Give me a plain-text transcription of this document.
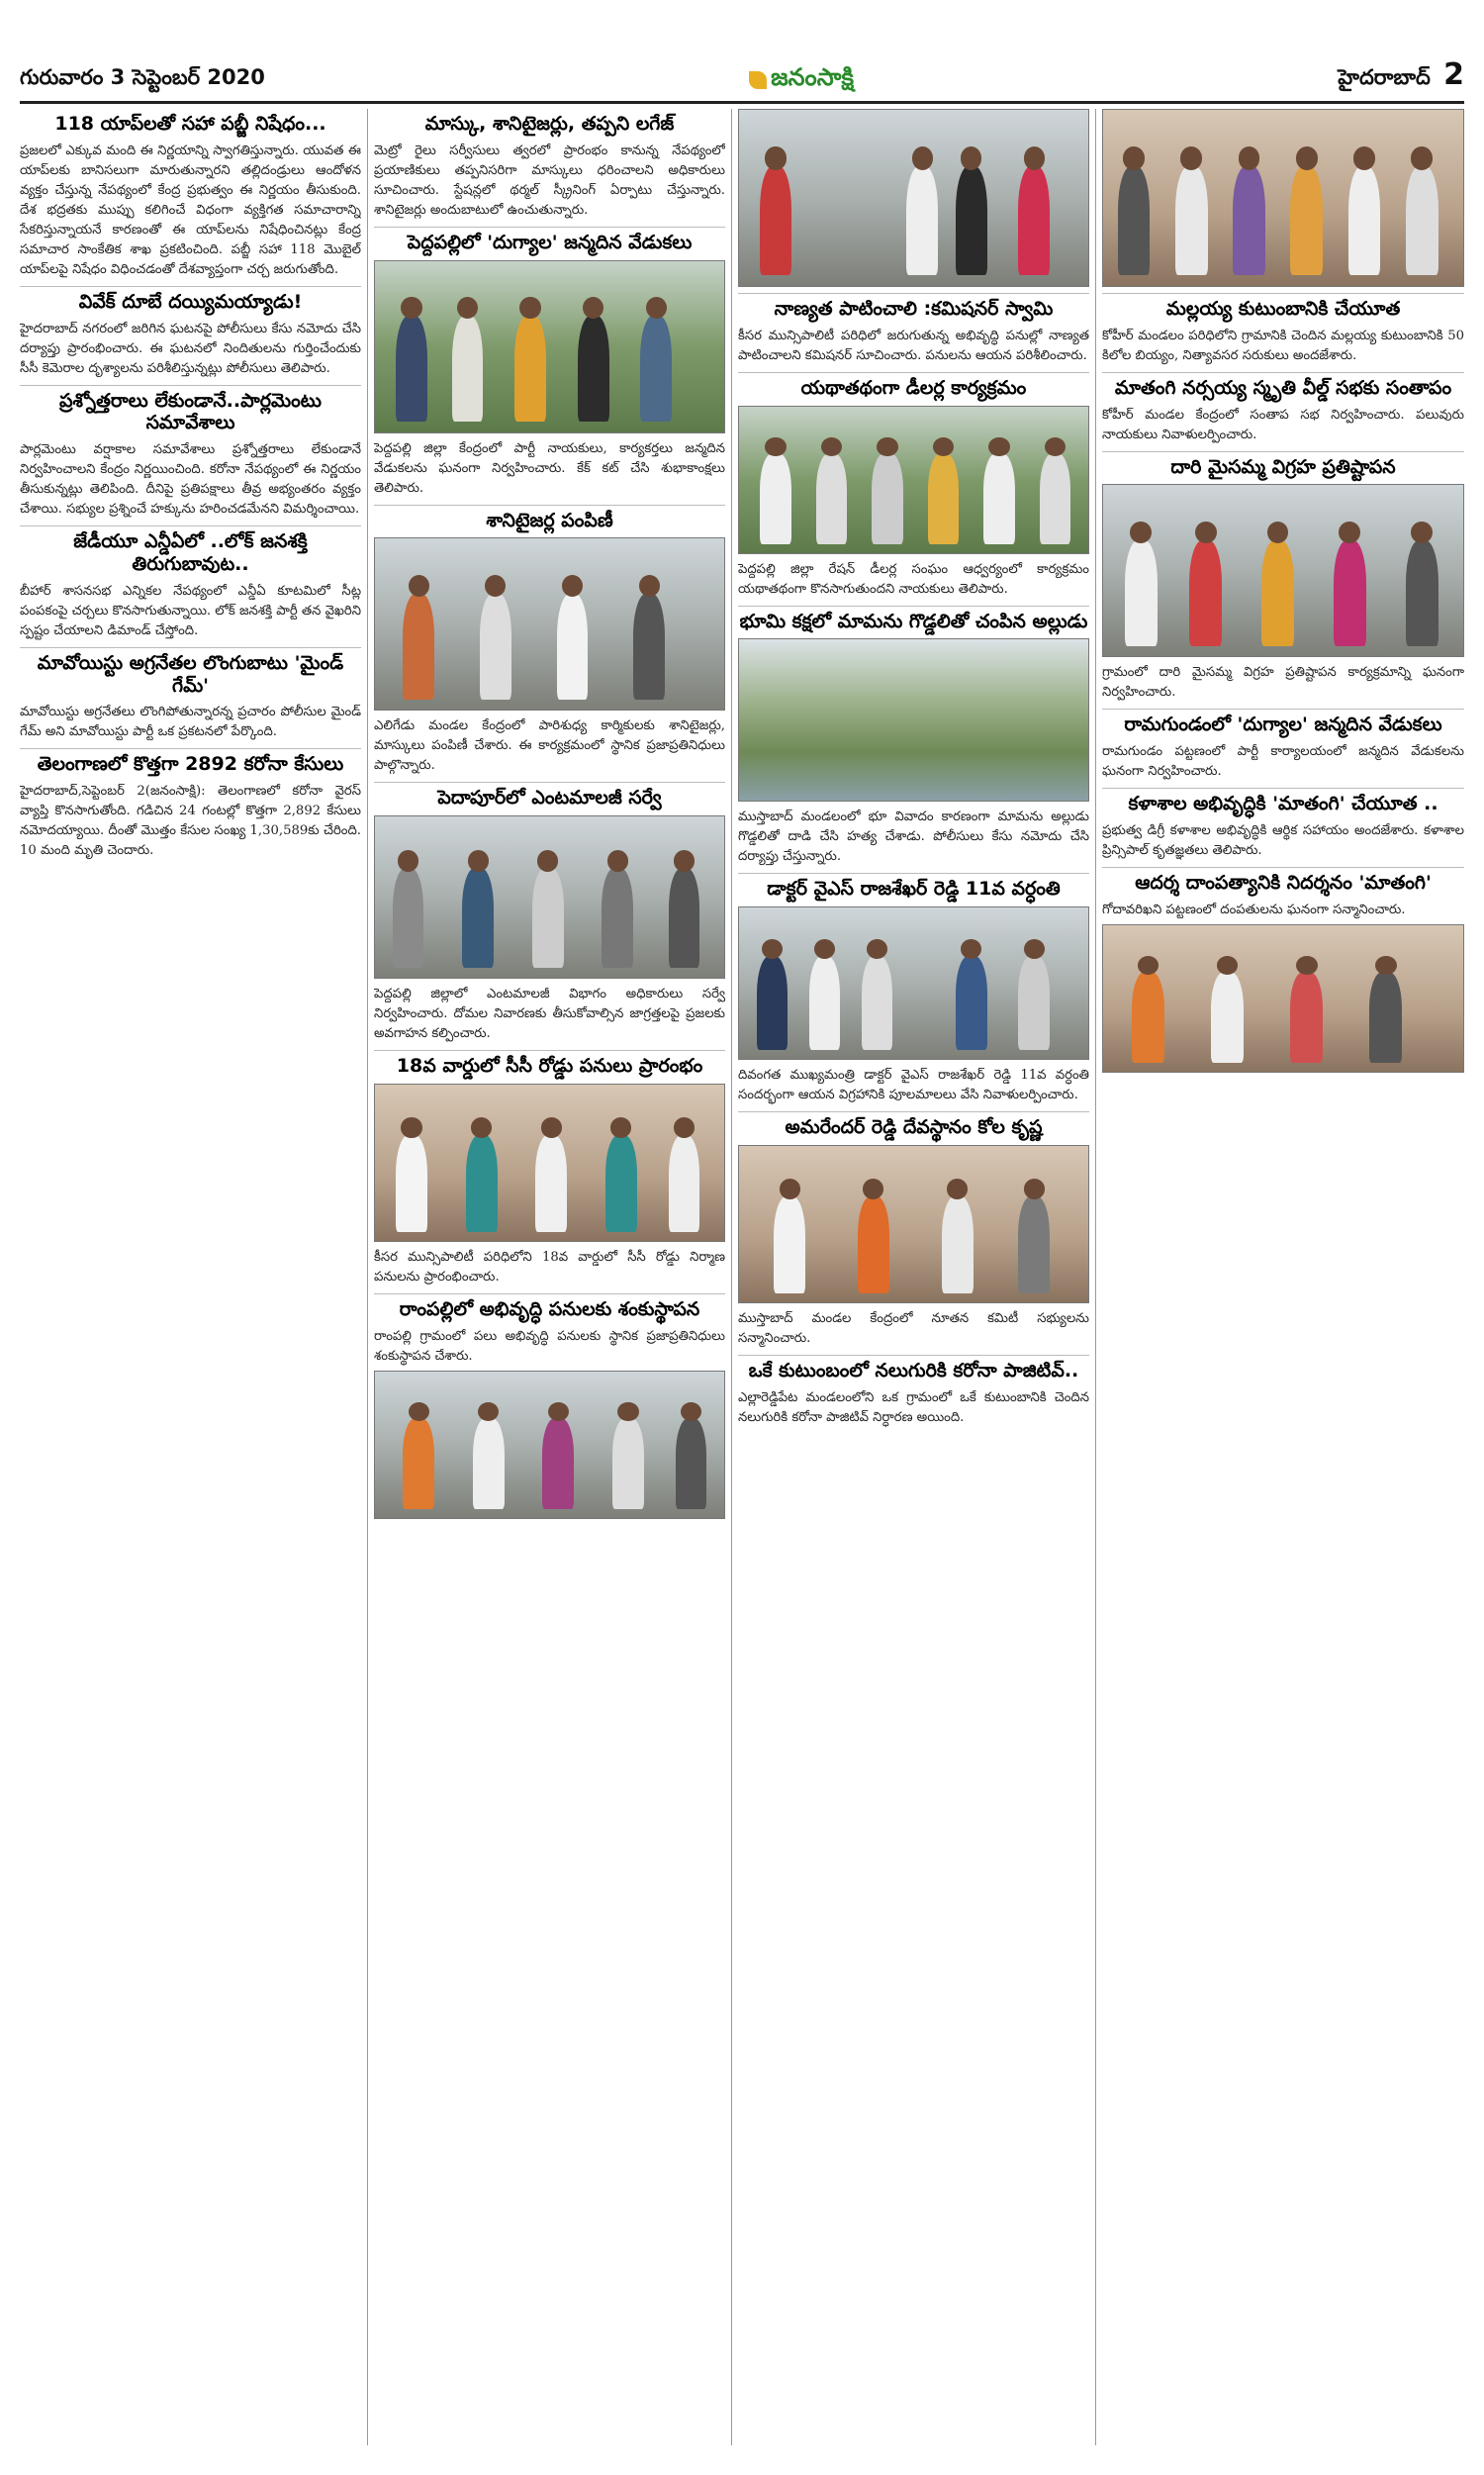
గురువారం 3 సెప్టెంబర్ 2020	జనంసాక్షి	హైదరాబాద్ 2
118 యాప్‌లతో సహా పబ్జీ నిషేధం...
ప్రజలలో ఎక్కువ మంది ఈ నిర్ణయాన్ని స్వాగతిస్తున్నారు. యువత ఈ యాప్‌లకు బానిసలుగా మారుతున్నారని తల్లిదండ్రులు ఆందోళన వ్యక్తం చేస్తున్న నేపథ్యంలో కేంద్ర ప్రభుత్వం ఈ నిర్ణయం తీసుకుంది. దేశ భద్రతకు ముప్పు కలిగించే విధంగా వ్యక్తిగత సమాచారాన్ని సేకరిస్తున్నాయనే కారణంతో ఈ యాప్‌లను నిషేధించినట్లు కేంద్ర సమాచార సాంకేతిక శాఖ ప్రకటించింది. పబ్జీ సహా 118 మొబైల్ యాప్‌లపై నిషేధం విధించడంతో దేశవ్యాప్తంగా చర్చ జరుగుతోంది.
వివేక్ దూబే దయ్యిమయ్యాడు!
హైదరాబాద్ నగరంలో జరిగిన ఘటనపై పోలీసులు కేసు నమోదు చేసి దర్యాప్తు ప్రారంభించారు. ఈ ఘటనలో నిందితులను గుర్తించేందుకు సీసీ కెమెరాల దృశ్యాలను పరిశీలిస్తున్నట్లు పోలీసులు తెలిపారు.
ప్రశ్నోత్తరాలు లేకుండానే..పార్లమెంటు సమావేశాలు
పార్లమెంటు వర్షాకాల సమావేశాలు ప్రశ్నోత్తరాలు లేకుండానే నిర్వహించాలని కేంద్రం నిర్ణయించింది. కరోనా నేపథ్యంలో ఈ నిర్ణయం తీసుకున్నట్లు తెలిపింది. దీనిపై ప్రతిపక్షాలు తీవ్ర అభ్యంతరం వ్యక్తం చేశాయి. సభ్యుల ప్రశ్నించే హక్కును హరించడమేనని విమర్శించాయి.
జేడీయూ ఎన్డీఏలో ..లోక్ జనశక్తి తిరుగుబావుట..
బీహార్ శాసనసభ ఎన్నికల నేపథ్యంలో ఎన్డీఏ కూటమిలో సీట్ల పంపకంపై చర్చలు కొనసాగుతున్నాయి. లోక్ జనశక్తి పార్టీ తన వైఖరిని స్పష్టం చేయాలని డిమాండ్ చేస్తోంది.
మావోయిస్టు అగ్రనేతల లొంగుబాటు 'మైండ్ గేమ్'
మావోయిస్టు అగ్రనేతలు లొంగిపోతున్నారన్న ప్రచారం పోలీసుల మైండ్ గేమ్ అని మావోయిస్టు పార్టీ ఒక ప్రకటనలో పేర్కొంది.
తెలంగాణలో కొత్తగా 2892 కరోనా కేసులు
హైదరాబాద్,సెప్టెంబర్ 2(జనంసాక్షి): తెలంగాణలో కరోనా వైరస్ వ్యాప్తి కొనసాగుతోంది. గడిచిన 24 గంటల్లో కొత్తగా 2,892 కేసులు నమోదయ్యాయి. దీంతో మొత్తం కేసుల సంఖ్య 1,30,589కు చేరింది. 10 మంది మృతి చెందారు.
మాస్కు, శానిటైజర్లు, తప్పని లగేజ్
మెట్రో రైలు సర్వీసులు త్వరలో ప్రారంభం కానున్న నేపథ్యంలో ప్రయాణికులు తప్పనిసరిగా మాస్కులు ధరించాలని అధికారులు సూచించారు. స్టేషన్లలో థర్మల్ స్క్రీనింగ్ ఏర్పాటు చేస్తున్నారు. శానిటైజర్లు అందుబాటులో ఉంచుతున్నారు.
పెద్దపల్లిలో 'దుగ్యాల' జన్మదిన వేడుకలు
పెద్దపల్లి జిల్లా కేంద్రంలో పార్టీ నాయకులు, కార్యకర్తలు జన్మదిన వేడుకలను ఘనంగా నిర్వహించారు. కేక్ కట్ చేసి శుభాకాంక్షలు తెలిపారు.
శానిటైజర్ల పంపిణీ
ఎలిగేడు మండల కేంద్రంలో పారిశుధ్య కార్మికులకు శానిటైజర్లు, మాస్కులు పంపిణీ చేశారు. ఈ కార్యక్రమంలో స్థానిక ప్రజాప్రతినిధులు పాల్గొన్నారు.
పెదాపూర్‌లో ఎంటమాలజీ సర్వే
పెద్దపల్లి జిల్లాలో ఎంటమాలజీ విభాగం అధికారులు సర్వే నిర్వహించారు. దోమల నివారణకు తీసుకోవాల్సిన జాగ్రత్తలపై ప్రజలకు అవగాహన కల్పించారు.
18వ వార్డులో సీసీ రోడ్డు పనులు ప్రారంభం
కీసర మున్సిపాలిటీ పరిధిలోని 18వ వార్డులో సీసీ రోడ్డు నిర్మాణ పనులను ప్రారంభించారు.
రాంపల్లిలో అభివృద్ధి పనులకు శంకుస్థాపన
రాంపల్లి గ్రామంలో పలు అభివృద్ధి పనులకు స్థానిక ప్రజాప్రతినిధులు శంకుస్థాపన చేశారు.
నాణ్యత పాటించాలి :కమిషనర్ స్వామి
కీసర మున్సిపాలిటీ పరిధిలో జరుగుతున్న అభివృద్ధి పనుల్లో నాణ్యత పాటించాలని కమిషనర్ సూచించారు. పనులను ఆయన పరిశీలించారు.
యథాతథంగా డీలర్ల కార్యక్రమం
పెద్దపల్లి జిల్లా రేషన్ డీలర్ల సంఘం ఆధ్వర్యంలో కార్యక్రమం యథాతథంగా కొనసాగుతుందని నాయకులు తెలిపారు.
భూమి కక్షలో మామను గొడ్డలితో చంపిన అల్లుడు
ముస్తాబాద్ మండలంలో భూ వివాదం కారణంగా మామను అల్లుడు గొడ్డలితో దాడి చేసి హత్య చేశాడు. పోలీసులు కేసు నమోదు చేసి దర్యాప్తు చేస్తున్నారు.
డాక్టర్ వైఎస్ రాజశేఖర్ రెడ్డి 11వ వర్ధంతి
దివంగత ముఖ్యమంత్రి డాక్టర్ వైఎస్ రాజశేఖర్ రెడ్డి 11వ వర్ధంతి సందర్భంగా ఆయన విగ్రహానికి పూలమాలలు వేసి నివాళులర్పించారు.
అమరేందర్ రెడ్డి దేవస్థానం కోల కృష్ణ
ముస్తాబాద్ మండల కేంద్రంలో నూతన కమిటీ సభ్యులను సన్మానించారు.
ఒకే కుటుంబంలో నలుగురికి కరోనా పాజిటివ్..
ఎల్లారెడ్డిపేట మండలంలోని ఒక గ్రామంలో ఒకే కుటుంబానికి చెందిన నలుగురికి కరోనా పాజిటివ్ నిర్ధారణ అయింది.
మల్లయ్య కుటుంబానికి చేయూత
కోహీర్ మండలం పరిధిలోని గ్రామానికి చెందిన మల్లయ్య కుటుంబానికి 50 కిలోల బియ్యం, నిత్యావసర సరుకులు అందజేశారు.
మాతంగి నర్సయ్య స్మృతి వీల్డ్ సభకు సంతాపం
కోహీర్ మండల కేంద్రంలో సంతాప సభ నిర్వహించారు. పలువురు నాయకులు నివాళులర్పించారు.
దారి మైసమ్మ విగ్రహ ప్రతిష్టాపన
గ్రామంలో దారి మైసమ్మ విగ్రహ ప్రతిష్టాపన కార్యక్రమాన్ని ఘనంగా నిర్వహించారు.
రామగుండంలో 'దుగ్యాల' జన్మదిన వేడుకలు
రామగుండం పట్టణంలో పార్టీ కార్యాలయంలో జన్మదిన వేడుకలను ఘనంగా నిర్వహించారు.
కళాశాల అభివృద్ధికి 'మాతంగి' చేయూత ..
ప్రభుత్వ డిగ్రీ కళాశాల అభివృద్ధికి ఆర్థిక సహాయం అందజేశారు. కళాశాల ప్రిన్సిపాల్ కృతజ్ఞతలు తెలిపారు.
ఆదర్శ దాంపత్యానికి నిదర్శనం 'మాతంగి'
గోదావరిఖని పట్టణంలో దంపతులను ఘనంగా సన్మానించారు.
